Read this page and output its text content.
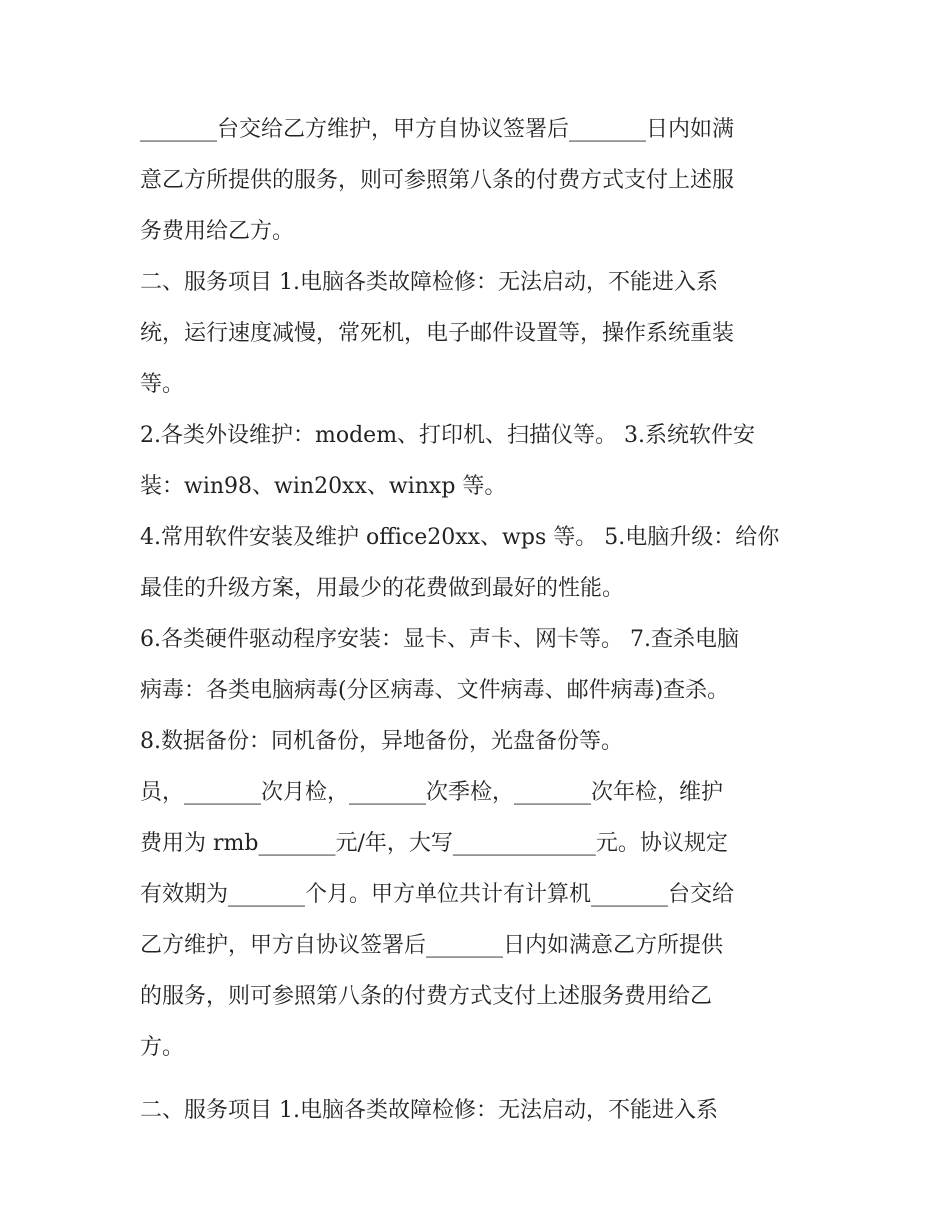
_______台交给乙方维护，甲方自协议签署后_______日内如满
意乙方所提供的服务，则可参照第八条的付费方式支付上述服
务费用给乙方。
二、服务项目 1.电脑各类故障检修：无法启动，不能进入系
统，运行速度减慢，常死机，电子邮件设置等，操作系统重装
等。
2.各类外设维护：modem、打印机、扫描仪等。 3.系统软件安
装：win98、win20xx、winxp 等。
4.常用软件安装及维护 office20xx、wps 等。 5.电脑升级：给你
最佳的升级方案，用最少的花费做到最好的性能。
6.各类硬件驱动程序安装：显卡、声卡、网卡等。 7.查杀电脑
病毒：各类电脑病毒(分区病毒、文件病毒、邮件病毒)查杀。
8.数据备份：同机备份，异地备份，光盘备份等。
员，_______次月检，_______次季检，_______次年检，维护
费用为 rmb_______元/年，大写_____________元。协议规定
有效期为_______个月。甲方单位共计有计算机_______台交给
乙方维护，甲方自协议签署后_______日内如满意乙方所提供
的服务，则可参照第八条的付费方式支付上述服务费用给乙
方。
二、服务项目 1.电脑各类故障检修：无法启动，不能进入系
